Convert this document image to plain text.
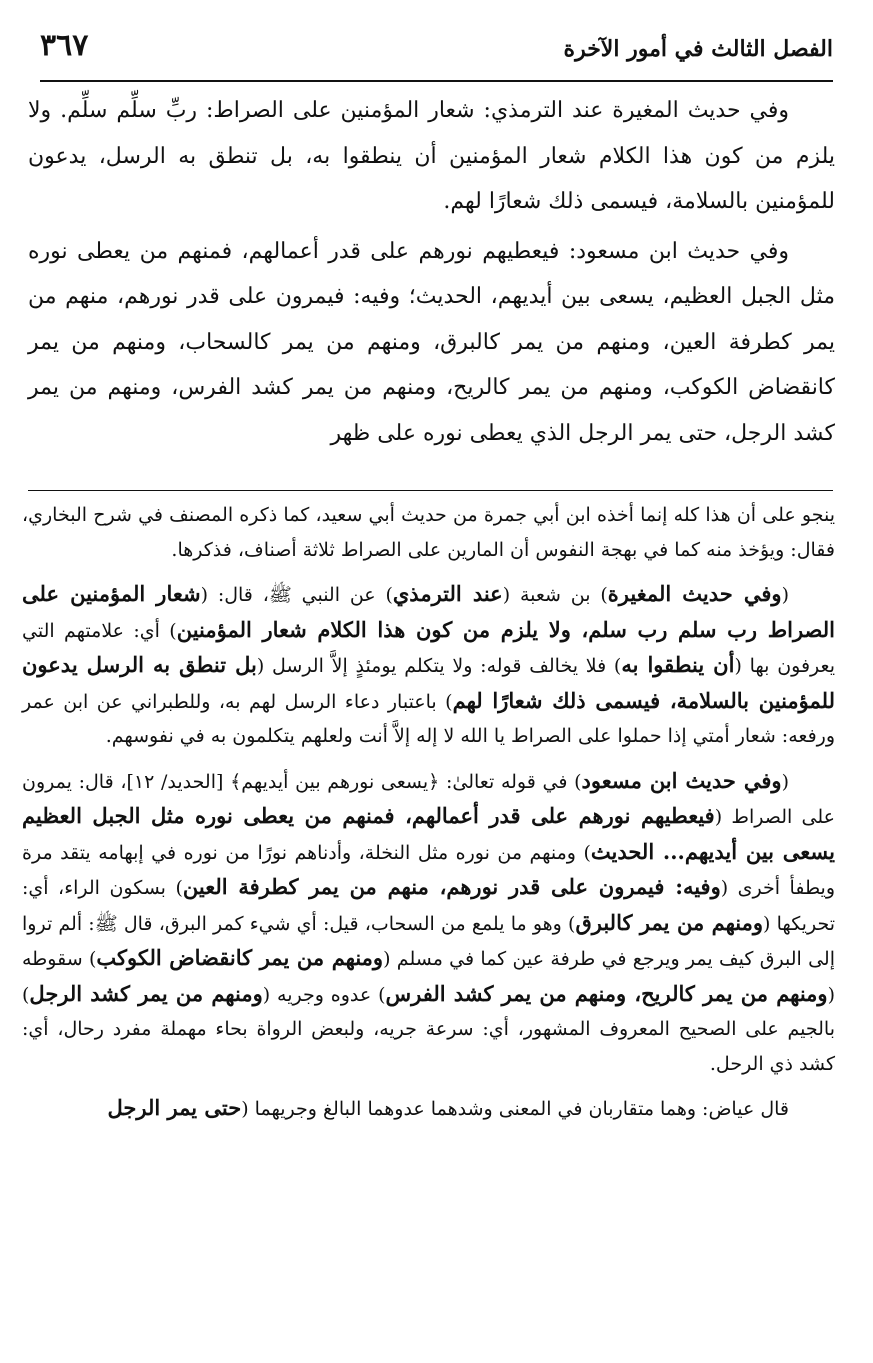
٣٦٧	الفصل الثالث في أمور الآخرة

وفي حديث المغيرة عند الترمذي: شعار المؤمنين على الصراط: ربِّ سلِّم سلِّم. ولا يلزم من كون هذا الكلام شعار المؤمنين أن ينطقوا به، بل تنطق به الرسل، يدعون للمؤمنين بالسلامة، فيسمى ذلك شعارًا لهم.

وفي حديث ابن مسعود: فيعطيهم نورهم على قدر أعمالهم، فمنهم من يعطى نوره مثل الجبل العظيم، يسعى بين أيديهم، الحديث؛ وفيه: فيمرون على قدر نورهم، منهم من يمر كطرفة العين، ومنهم من يمر كالبرق، ومنهم من يمر كالسحاب، ومنهم من يمر كانقضاض الكوكب، ومنهم من يمر كالريح، ومنهم من يمر كشد الفرس، ومنهم من يمر كشد الرجل، حتى يمر الرجل الذي يعطى نوره على ظهر

ينجو على أن هذا كله إنما أخذه ابن أبي جمرة من حديث أبي سعيد، كما ذكره المصنف في شرح البخاري، فقال: ويؤخذ منه كما في بهجة النفوس أن المارين على الصراط ثلاثة أصناف، فذكرها.

(وفي حديث المغيرة) بن شعبة (عند الترمذي) عن النبي ﷺ، قال: (شعار المؤمنين على الصراط رب سلم رب سلم، ولا يلزم من كون هذا الكلام شعار المؤمنين) أي: علامتهم التي يعرفون بها (أن ينطقوا به) فلا يخالف قوله: ولا يتكلم يومئذٍ إلاَّ الرسل (بل تنطق به الرسل يدعون للمؤمنين بالسلامة، فيسمى ذلك شعارًا لهم) باعتبار دعاء الرسل لهم به، وللطبراني عن ابن عمر ورفعه: شعار أمتي إذا حملوا على الصراط يا الله لا إله إلاَّ أنت ولعلهم يتكلمون به في نفوسهم.

(وفي حديث ابن مسعود) في قوله تعالىٰ: ﴿يسعى نورهم بين أيديهم﴾ [الحديد/ ١٢]، قال: يمرون على الصراط (فيعطيهم نورهم على قدر أعمالهم، فمنهم من يعطى نوره مثل الجبل العظيم يسعى بين أيديهم... الحديث) ومنهم من نوره مثل النخلة، وأدناهم نورًا من نوره في إبهامه يتقد مرة ويطفأ أخرى (وفيه: فيمرون على قدر نورهم، منهم من يمر كطرفة العين) بسكون الراء، أي: تحريكها (ومنهم من يمر كالبرق) وهو ما يلمع من السحاب، قيل: أي شيء كمر البرق، قال ﷺ: ألم تروا إلى البرق كيف يمر ويرجع في طرفة عين كما في مسلم (ومنهم من يمر كانقضاض الكوكب) سقوطه (ومنهم من يمر كالريح، ومنهم من يمر كشد الفرس) عدوه وجريه (ومنهم من يمر كشد الرجل) بالجيم على الصحيح المعروف المشهور، أي: سرعة جريه، ولبعض الرواة بحاء مهملة مفرد رحال، أي: كشد ذي الرحل.

قال عياض: وهما متقاربان في المعنى وشدهما عدوهما البالغ وجريهما (حتى يمر الرجل
